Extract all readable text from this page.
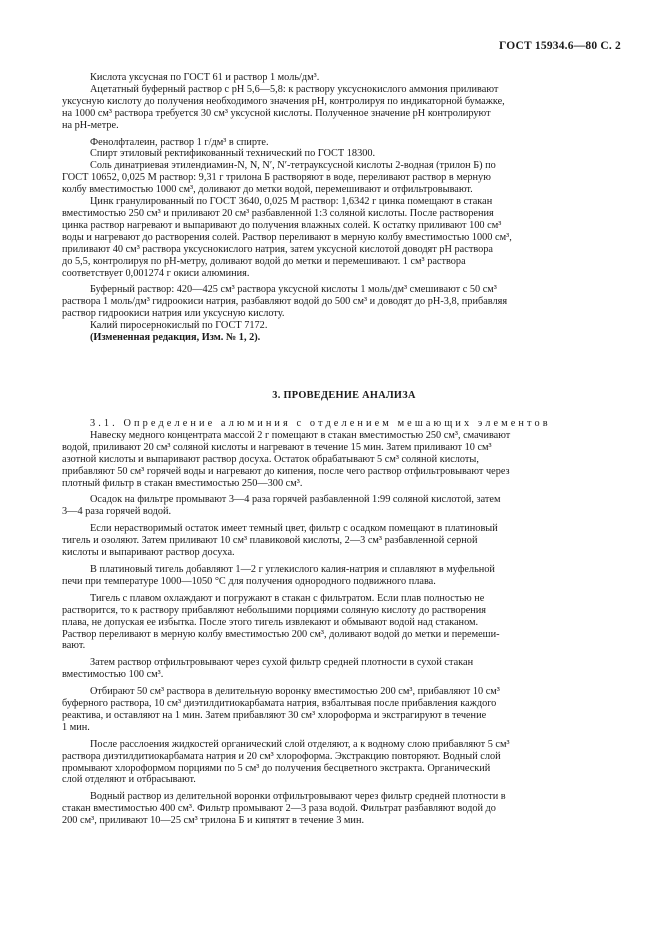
ГОСТ 15934.6—80 С. 2

Кислота уксусная по ГОСТ 61 и раствор 1 моль/дм³.

Ацетатный буферный раствор с pH 5,6—5,8: к раствору уксуснокислого аммония приливают

уксусную кислоту до получения необходимого значения pH, контролируя по индикаторной бумажке,

на 1000 см³ раствора требуется 30 см³ уксусной кислоты. Полученное значение pH контролируют

на pH-метре.

Фенолфталеин, раствор 1 г/дм³ в спирте.

Спирт этиловый ректификованный технический по ГОСТ 18300.

Соль динатриевая этилендиамин-N, N, N′, N′-тетрауксусной кислоты 2-водная (трилон Б) по

ГОСТ 10652, 0,025 М раствор: 9,31 г трилона Б растворяют в воде, переливают раствор в мерную

колбу вместимостью 1000 см³, доливают до метки водой, перемешивают и отфильтровывают.

Цинк гранулированный по ГОСТ 3640, 0,025 М раствор: 1,6342 г цинка помещают в стакан

вместимостью 250 см³ и приливают 20 см³ разбавленной 1:3 соляной кислоты. После растворения

цинка раствор нагревают и выпаривают до получения влажных солей. К остатку приливают 100 см³

воды и нагревают до растворения солей. Раствор переливают в мерную колбу вместимостью 1000 см³,

приливают 40 см³ раствора уксуснокислого натрия, затем уксусной кислотой доводят pH раствора

до 5,5, контролируя по pH-метру, доливают водой до метки и перемешивают. 1 см³ раствора

соответствует 0,001274 г окиси алюминия.

Буферный раствор: 420—425 см³ раствора уксусной кислоты 1 моль/дм³ смешивают с 50 см³

раствора 1 моль/дм³ гидроокиси натрия, разбавляют водой до 500 см³ и доводят до pH-3,8, прибавляя

раствор гидроокиси натрия или уксусную кислоту.

Калий пиросернокислый по ГОСТ 7172.

(Измененная редакция, Изм. № 1, 2).

3. ПРОВЕДЕНИЕ АНАЛИЗА

3.1. Определение алюминия с отделением мешающих элементов

Навеску медного концентрата массой 2 г помещают в стакан вместимостью 250 см³, смачивают

водой, приливают 20 см³ соляной кислоты и нагревают в течение 15 мин. Затем приливают 10 см³

азотной кислоты и выпаривают раствор досуха. Остаток обрабатывают 5 см³ соляной кислоты,

прибавляют 50 см³ горячей воды и нагревают до кипения, после чего раствор отфильтровывают через

плотный фильтр в стакан вместимостью 250—300 см³.

Осадок на фильтре промывают 3—4 раза горячей разбавленной 1:99 соляной кислотой, затем

3—4 раза горячей водой.

Если нерастворимый остаток имеет темный цвет, фильтр с осадком помещают в платиновый

тигель и озоляют. Затем приливают 10 см³ плавиковой кислоты, 2—3 см³ разбавленной серной

кислоты и выпаривают раствор досуха.

В платиновый тигель добавляют 1—2 г углекислого калия-натрия и сплавляют в муфельной

печи при температуре 1000—1050 °С для получения однородного подвижного плава.

Тигель с плавом охлаждают и погружают в стакан с фильтратом. Если плав полностью не

растворится, то к раствору прибавляют небольшими порциями соляную кислоту до растворения

плава, не допуская ее избытка. После этого тигель извлекают и обмывают водой над стаканом.

Раствор переливают в мерную колбу вместимостью 200 см³, доливают водой до метки и перемеши-

вают.

Затем раствор отфильтровывают через сухой фильтр средней плотности в сухой стакан

вместимостью 100 см³.

Отбирают 50 см³ раствора в делительную воронку вместимостью 200 см³, прибавляют 10 см³

буферного раствора, 10 см³ диэтилдитиокарбамата натрия, взбалтывая после прибавления каждого

реактива, и оставляют на 1 мин. Затем прибавляют 30 см³ хлороформа и экстрагируют в течение

1 мин.

После расслоения жидкостей органический слой отделяют, а к водному слою прибавляют 5 см³

раствора диэтилдитиокарбамата натрия и 20 см³ хлороформа. Экстракцию повторяют. Водный слой

промывают хлороформом порциями по 5 см³ до получения бесцветного экстракта. Органический

слой отделяют и отбрасывают.

Водный раствор из делительной воронки отфильтровывают через фильтр средней плотности в

стакан вместимостью 400 см³. Фильтр промывают 2—3 раза водой. Фильтрат разбавляют водой до

200 см³, приливают 10—25 см³ трилона Б и кипятят в течение 3 мин.
